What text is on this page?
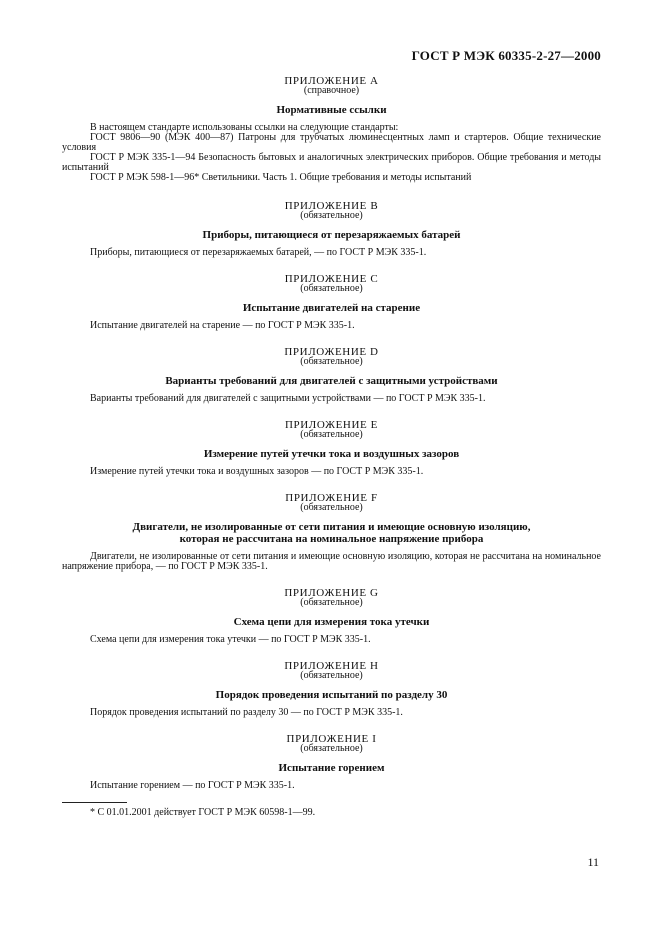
ГОСТ Р МЭК 60335-2-27—2000

ПРИЛОЖЕНИЕ А

(справочное)

Нормативные ссылки

В настоящем стандарте использованы ссылки на следующие стандарты:

ГОСТ 9806—90 (МЭК 400—87) Патроны для трубчатых люминесцентных ламп и стартеров. Общие технические условия

ГОСТ Р МЭК 335-1—94 Безопасность бытовых и аналогичных электрических приборов. Общие требования и методы испытаний

ГОСТ Р МЭК 598-1—96* Светильники. Часть 1. Общие требования и методы испытаний

ПРИЛОЖЕНИЕ В

(обязательное)

Приборы, питающиеся от перезаряжаемых батарей

Приборы, питающиеся от перезаряжаемых батарей, — по ГОСТ Р МЭК 335-1.

ПРИЛОЖЕНИЕ С

(обязательное)

Испытание двигателей на старение

Испытание двигателей на старение — по ГОСТ Р МЭК 335-1.

ПРИЛОЖЕНИЕ D

(обязательное)

Варианты требований для двигателей с защитными устройствами

Варианты требований для двигателей с защитными устройствами — по ГОСТ Р МЭК 335-1.

ПРИЛОЖЕНИЕ Е

(обязательное)

Измерение путей утечки тока и воздушных зазоров

Измерение путей утечки тока и воздушных зазоров — по ГОСТ Р МЭК 335-1.

ПРИЛОЖЕНИЕ F

(обязательное)

Двигатели, не изолированные от сети питания и имеющие основную изоляцию,
которая не рассчитана на номинальное напряжение прибора

Двигатели, не изолированные от сети питания и имеющие основную изоляцию, которая не рассчитана на номинальное напряжение прибора, — по ГОСТ Р МЭК 335-1.

ПРИЛОЖЕНИЕ G

(обязательное)

Схема цепи для измерения тока утечки

Схема цепи для измерения тока утечки — по ГОСТ Р МЭК 335-1.

ПРИЛОЖЕНИЕ Н

(обязательное)

Порядок проведения испытаний по разделу 30

Порядок проведения испытаний по разделу 30 — по ГОСТ Р МЭК 335-1.

ПРИЛОЖЕНИЕ I

(обязательное)

Испытание горением

Испытание горением — по ГОСТ Р МЭК 335-1.

* С 01.01.2001 действует ГОСТ Р МЭК 60598-1—99.
11
